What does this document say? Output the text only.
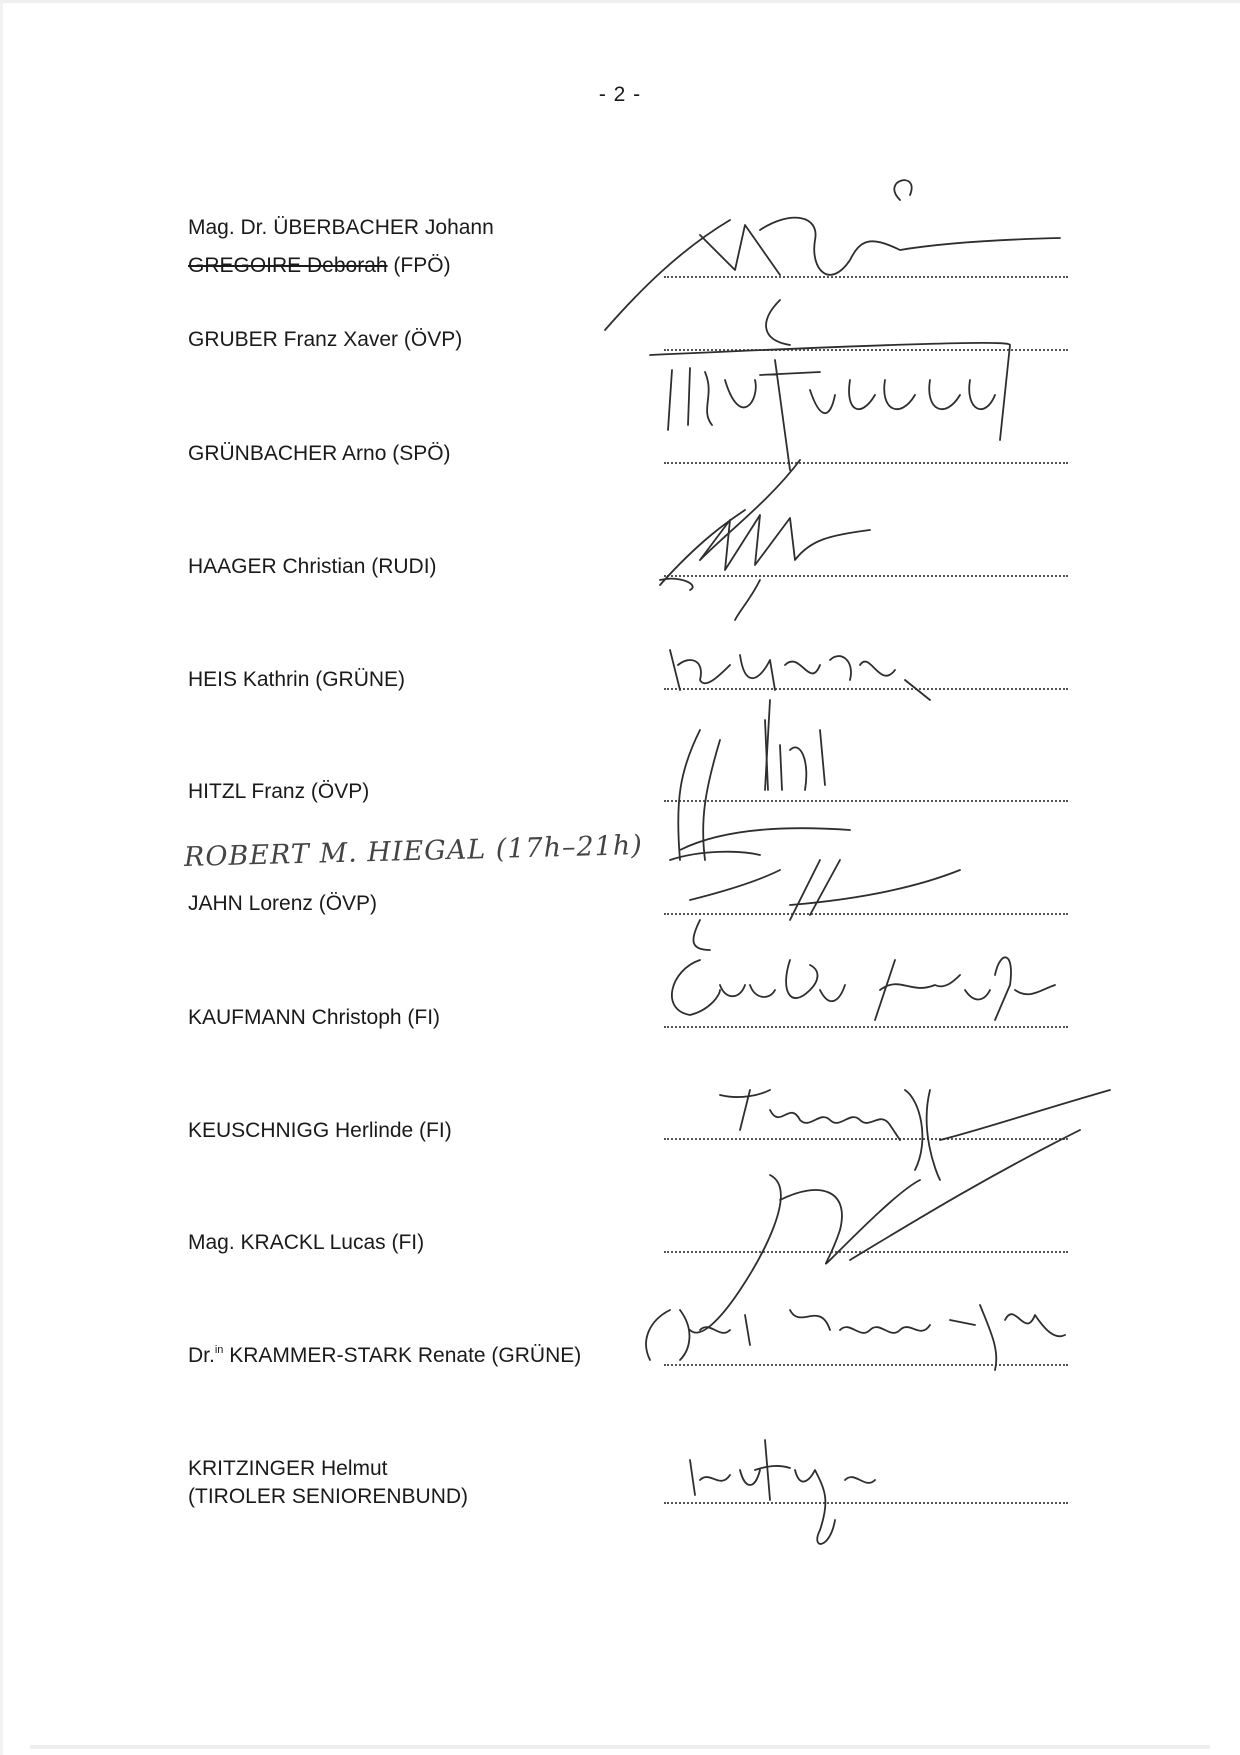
- 2 -
Mag. Dr. ÜBERBACHER Johann
GREGOIRE Deborah (FPÖ)
GRUBER Franz Xaver (ÖVP)
GRÜNBACHER Arno (SPÖ)
HAAGER Christian (RUDI)
HEIS Kathrin (GRÜNE)
HITZL Franz (ÖVP)
ROBERT M. HIEGAL (17h–21h)
JAHN Lorenz (ÖVP)
KAUFMANN Christoph (FI)
KEUSCHNIGG Herlinde (FI)
Mag. KRACKL Lucas (FI)
Dr.$^{in}$ KRAMMER-STARK Renate (GRÜNE)
KRITZINGER Helmut
(TIROLER SENIORENBUND)
